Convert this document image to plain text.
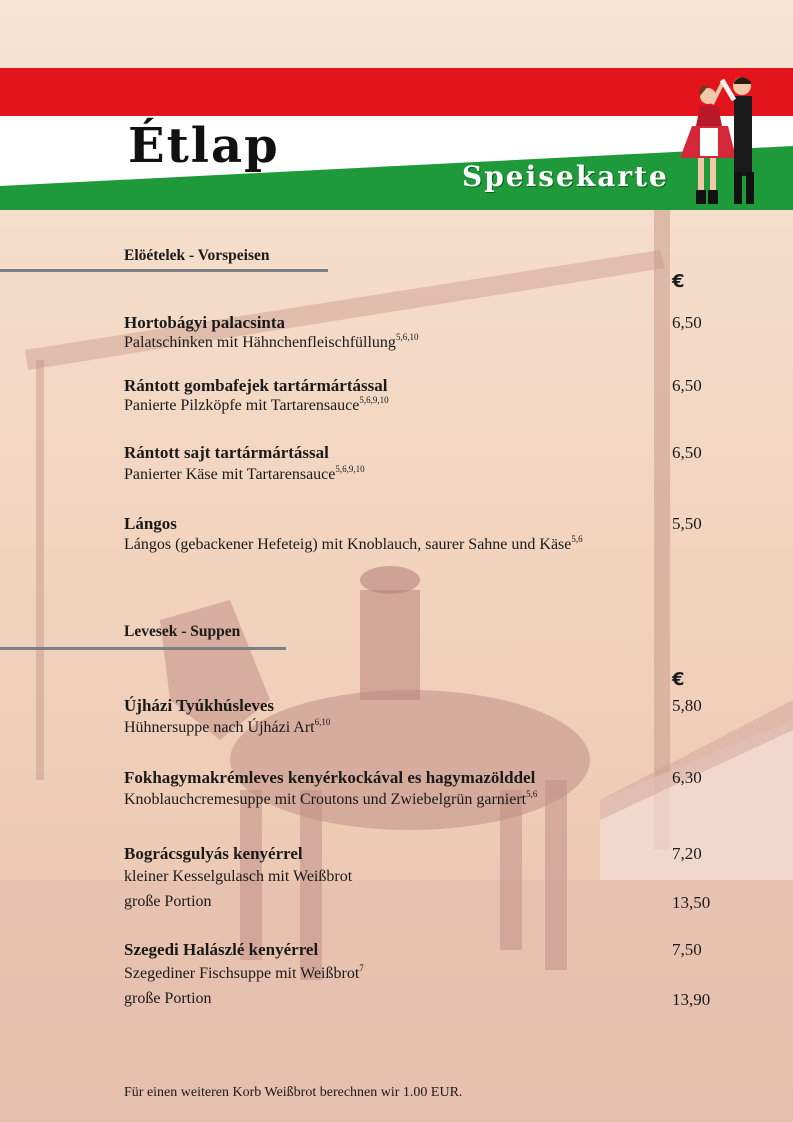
Étlap
Speisekarte
Elöételek - Vorspeisen
€
Hortobágyi palacsinta	6,50
Palatschinken mit Hähnchenfleischfüllung$^{5,6,10}$
Rántott gombafejek tartármártással	6,50
Panierte Pilzköpfe mit Tartarensauce$^{5,6,9,10}$
Rántott sajt tartármártással	6,50
Panierter Käse mit Tartarensauce$^{5,6,9,10}$
Lángos	5,50
Lángos (gebackener Hefeteig) mit Knoblauch, saurer Sahne und Käse$^{5,6}$
Levesek - Suppen
€
Újházi Tyúkhúsleves	5,80
Hühnersuppe nach Újházi Art$^{6,10}$
Fokhagymakrémleves kenyérkockával es hagymazölddel	6,30
Knoblauchcremesuppe mit Croutons und Zwiebelgrün garniert$^{5,6}$
Bográcsgulyás kenyérrel	7,20
kleiner Kesselgulasch mit Weißbrot
große Portion	13,50
Szegedi Halászlé kenyérrel	7,50
Szegediner Fischsuppe mit Weißbrot$^7$
große Portion	13,90
Für einen weiteren Korb Weißbrot berechnen wir 1.00 EUR.
